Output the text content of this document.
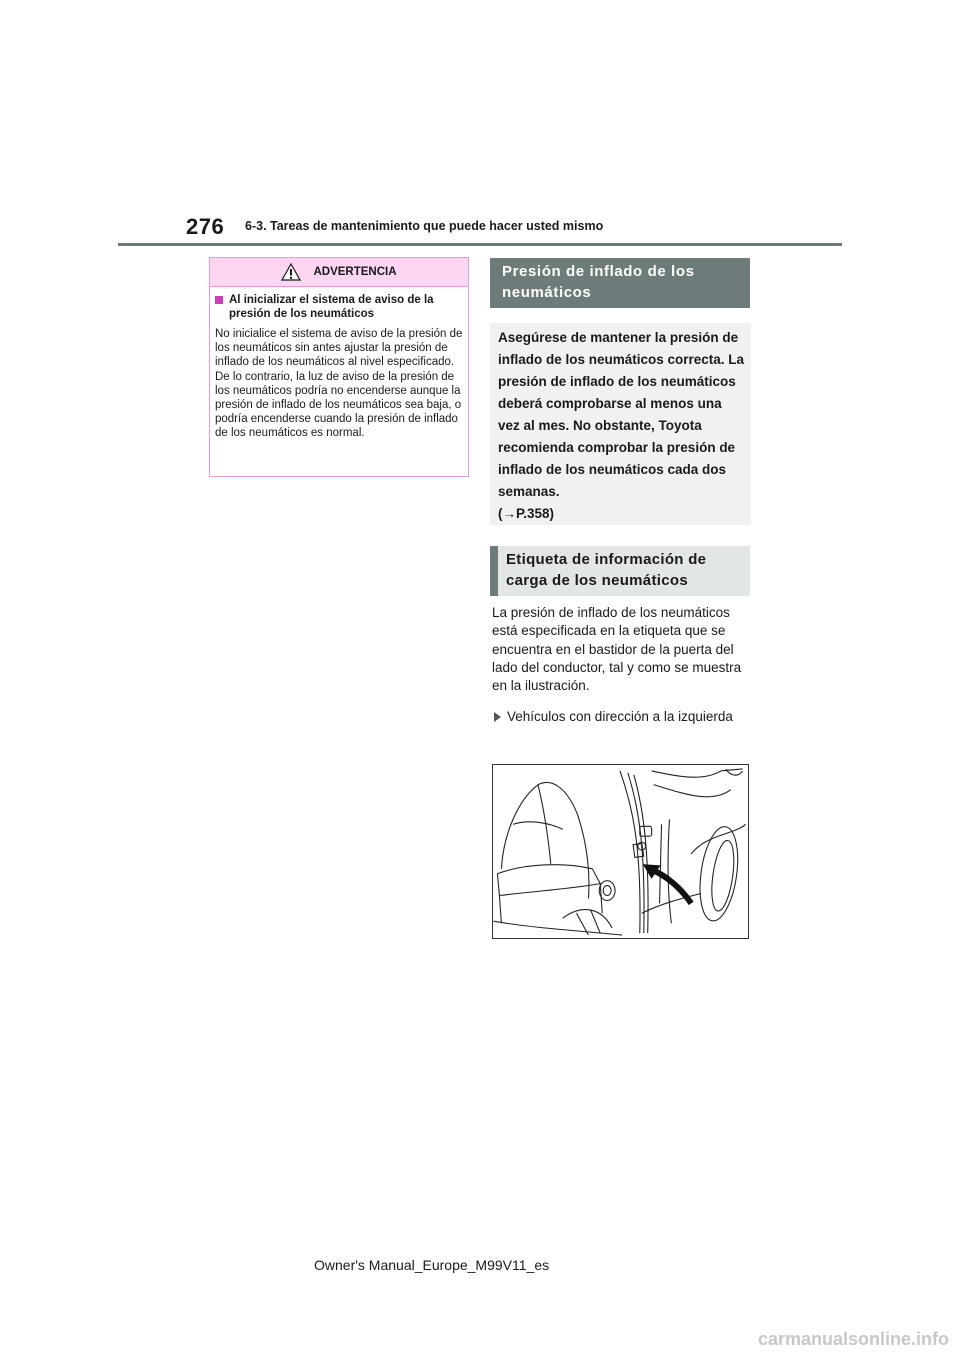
276 6-3. Tareas de mantenimiento que puede hacer usted mismo
ADVERTENCIA
Al inicializar el sistema de aviso de la presión de los neumáticos

No inicialice el sistema de aviso de la presión de los neumáticos sin antes ajustar la presión de inflado de los neumáticos al nivel especificado. De lo contrario, la luz de aviso de la presión de los neumáticos podría no encenderse aunque la presión de inflado de los neumáticos sea baja, o podría encenderse cuando la presión de inflado de los neumáticos es normal.

Presión de inflado de los neumáticos
Asegúrese de mantener la presión de inflado de los neumáticos correcta. La presión de inflado de los neumáticos deberá comprobarse al menos una vez al mes. No obstante, Toyota recomienda comprobar la presión de inflado de los neumáticos cada dos semanas.
(→P.358)
Etiqueta de información de carga de los neumáticos

La presión de inflado de los neumáticos está especificada en la etiqueta que se encuentra en el bastidor de la puerta del lado del conductor, tal y como se muestra en la ilustración.

Vehículos con dirección a la izquierda
Owner's Manual_Europe_M99V11_es
carmanualsonline.info
